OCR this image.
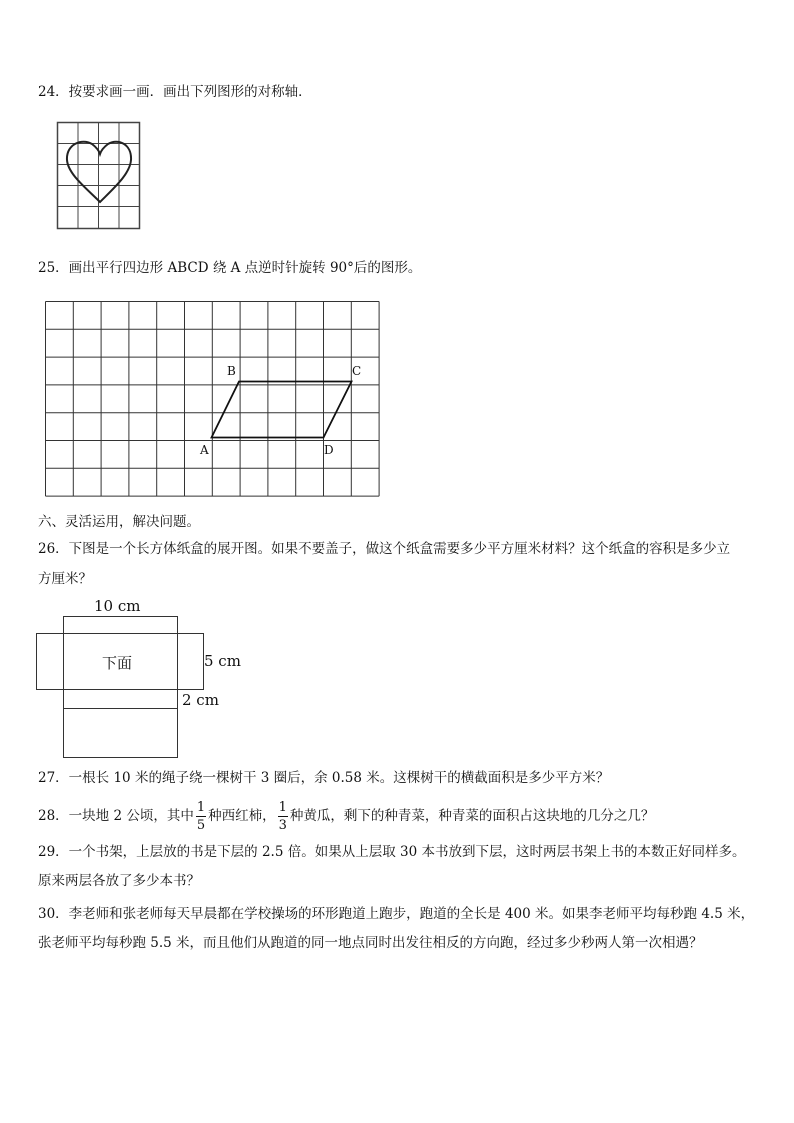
24．按要求画一画．画出下列图形的对称轴．
25．画出平行四边形 ABCD 绕 A 点逆时针旋转 90°后的图形。
B	C
A	D
六、灵活运用，解决问题。
26．下图是一个长方体纸盒的展开图。如果不要盖子，做这个纸盒需要多少平方厘米材料？这个纸盒的容积是多少立
方厘米？
10 cm
下面	5 cm
2 cm
27．一根长 10 米的绳子绕一棵树干 3 圈后，余 0.58 米。这棵树干的横截面积是多少平方米？
28．一块地 2 公顷，其中 $\frac{1}{5}$ 种西红柿， $\frac{1}{3}$ 种黄瓜，剩下的种青菜，种青菜的面积占这块地的几分之几？
29．一个书架，上层放的书是下层的 2.5 倍。如果从上层取 30 本书放到下层，这时两层书架上书的本数正好同样多。
原来两层各放了多少本书？
30．李老师和张老师每天早晨都在学校操场的环形跑道上跑步，跑道的全长是 400 米。如果李老师平均每秒跑 4.5 米，
张老师平均每秒跑 5.5 米，而且他们从跑道的同一地点同时出发往相反的方向跑，经过多少秒两人第一次相遇？
